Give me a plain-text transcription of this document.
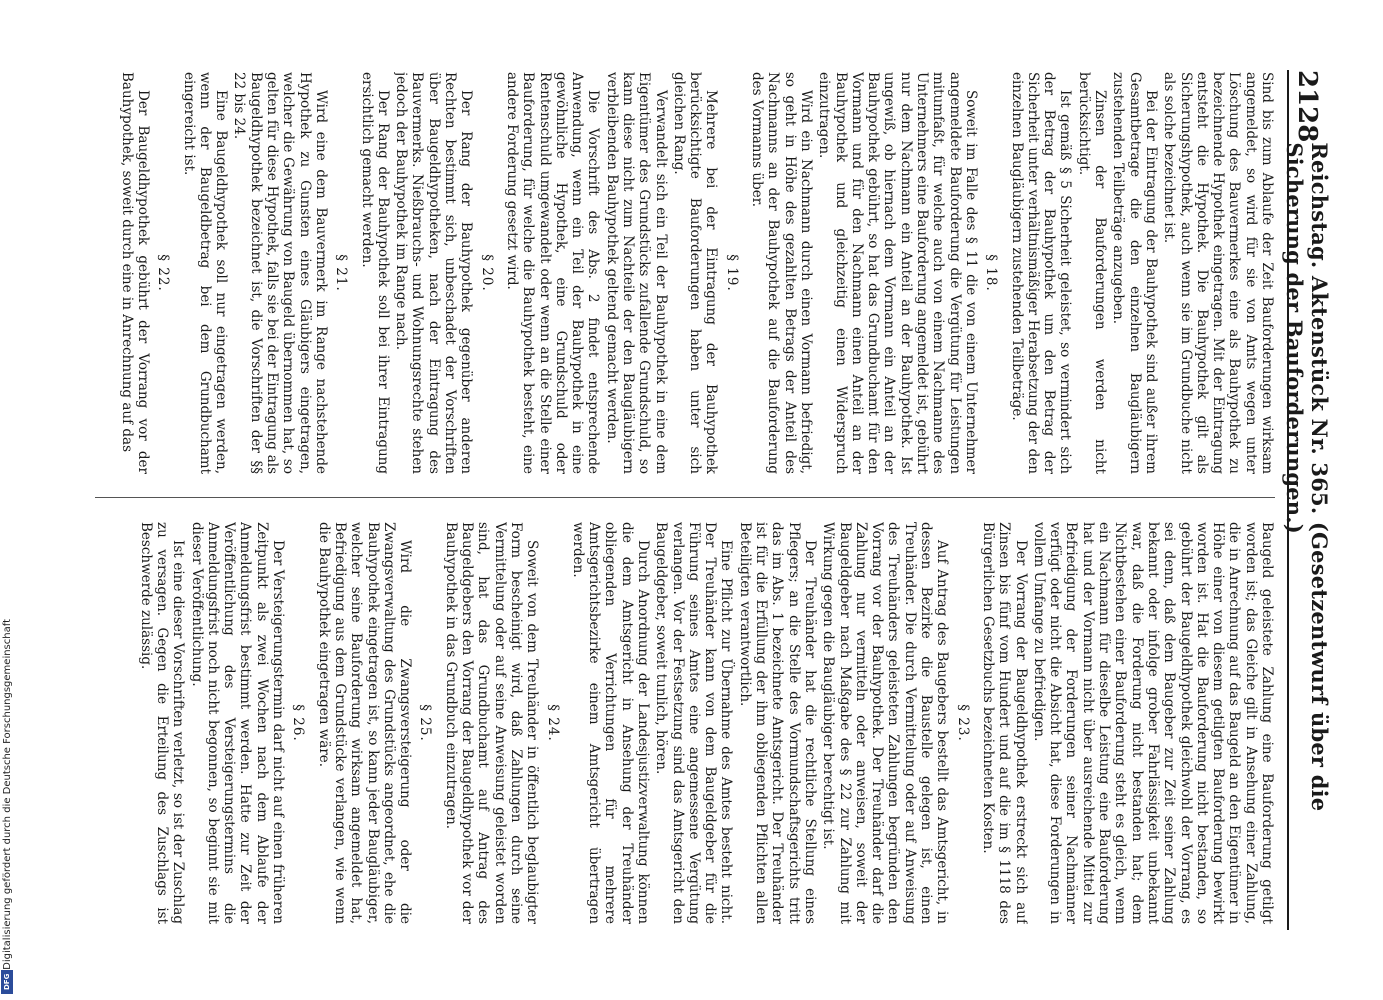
2128
Reichstag. Aktenstück Nr. 365. (Gesetzentwurf über die Sicherung der Bauforderungen.)

Sind bis zum Ablaufe der Zeit Bauforderungen wirksam angemeldet, so wird für sie von Amts wegen unter Löschung des Bauvermerkes eine als Bauhypothek zu bezeichnende Hypothek eingetragen. Mit der Eintragung entsteht die Hypothek. Die Bauhypothek gilt als Sicherungshypothek, auch wenn sie im Grundbuche nicht als solche bezeichnet ist.

Bei der Eintragung der Bauhypothek sind außer ihrem Gesamtbetrage die den einzelnen Baugläubigern zustehenden Teilbeträge anzugeben.

Zinsen der Bauforderungen werden nicht berücksichtigt.

Ist gemäß § 5 Sicherheit geleistet, so vermindert sich der Betrag der Bauhypothek um den Betrag der Sicherheit unter verhältnismäßiger Herabsetzung der den einzelnen Baugläubigern zustehenden Teilbeträge.

§ 18.

Soweit im Falle des § 11 die von einem Unternehmer angemeldete Bauforderung die Vergütung für Leistungen mitumfaßt, für welche auch von einem Nachmanne des Unternehmers eine Bauforderung angemeldet ist, gebührt nur dem Nachmann ein Anteil an der Bauhypothek. Ist ungewiß, ob hiernach dem Vormann ein Anteil an der Bauhypothek gebührt, so hat das Grundbuchamt für den Vormann und für den Nachmann einen Anteil an der Bauhypothek und gleichzeitig einen Widerspruch einzutragen.

Wird ein Nachmann durch einen Vormann befriedigt, so geht in Höhe des gezahlten Betrags der Anteil des Nachmanns an der Bauhypothek auf die Bauforderung des Vormanns über.

§ 19.

Mehrere bei der Eintragung der Bauhypothek berücksichtigte Bauforderungen haben unter sich gleichen Rang.

Verwandelt sich ein Teil der Bauhypothek in eine dem Eigentümer des Grundstücks zufallende Grundschuld, so kann diese nicht zum Nachteile der den Baugläubigern verbleibenden Bauhypothek geltend gemacht werden.

Die Vorschrift des Abs. 2 findet entsprechende Anwendung, wenn ein Teil der Bauhypothek in eine gewöhnliche Hypothek, eine Grundschuld oder Rentenschuld umgewandelt oder wenn an die Stelle einer Bauforderung, für welche die Bauhypothek besteht, eine andere Forderung gesetzt wird.

§ 20.

Der Rang der Bauhypothek gegenüber anderen Rechten bestimmt sich, unbeschadet der Vorschriften über Baugeldhypotheken, nach der Eintragung des Bauvermerks. Nießbrauchs- und Wohnungsrechte stehen jedoch der Bauhypothek im Range nach.

Der Rang der Bauhypothek soll bei ihrer Eintragung ersichtlich gemacht werden.

§ 21.

Wird eine dem Bauvermerk im Range nachstehende Hypothek zu Gunsten eines Gläubigers eingetragen, welcher die Gewährung von Baugeld übernommen hat, so gelten für diese Hypothek, falls sie bei der Eintragung als Baugeldhypothek bezeichnet ist, die Vorschriften der §§ 22 bis 24.

Eine Baugeldhypothek soll nur eingetragen werden, wenn der Baugeldbetrag bei dem Grundbuchamt eingereicht ist.

§ 22.

Der Baugeldhypothek gebührt der Vorrang vor der Bauhypothek, soweit durch eine in Anrechnung auf das

Baugeld geleistete Zahlung eine Bauforderung getilgt worden ist; das Gleiche gilt in Ansehung einer Zahlung, die in Anrechnung auf das Baugeld an den Eigentümer in Höhe einer von diesem getilgten Bauforderung bewirkt worden ist. Hat die Bauforderung nicht bestanden, so gebührt der Baugeldhypothek gleichwohl der Vorrang, es sei denn, daß dem Baugeber zur Zeit seiner Zahlung bekannt oder infolge grober Fahrlässigkeit unbekannt war, daß die Forderung nicht bestanden hat; dem Nichtbestehen einer Bauforderung steht es gleich, wenn ein Nachmann für dieselbe Leistung eine Bauforderung hat und der Vormann nicht über ausreichende Mittel zur Befriedigung der Forderungen seiner Nachmänner verfügt oder nicht die Absicht hat, diese Forderungen in vollem Umfange zu befriedigen.

Der Vorrang der Baugeldhypothek erstreckt sich auf Zinsen bis fünf vom Hundert und auf die im § 1118 des Bürgerlichen Gesetzbuchs bezeichneten Kosten.

§ 23.

Auf Antrag des Baugebers bestellt das Amtsgericht, in dessen Bezirke die Baustelle gelegen ist, einen Treuhänder. Die durch Vermittelung oder auf Anweisung des Treuhänders geleisteten Zahlungen begründen den Vorrang vor der Bauhypothek. Der Treuhänder darf die Zahlung nur vermitteln oder anweisen, soweit der Baugeldgeber nach Maßgabe des § 22 zur Zahlung mit Wirkung gegen die Baugläubiger berechtigt ist.

Der Treuhänder hat die rechtliche Stellung eines Pflegers; an die Stelle des Vormundschaftsgerichts tritt das im Abs. 1 bezeichnete Amtsgericht. Der Treuhänder ist für die Erfüllung der ihm obliegenden Pflichten allen Beteiligten verantwortlich.

Eine Pflicht zur Übernahme des Amtes besteht nicht. Der Treuhänder kann von dem Baugeldgeber für die Führung seines Amtes eine angemessene Vergütung verlangen. Vor der Festsetzung sind das Amtsgericht den Baugeldgeber, soweit tunlich, hören.

Durch Anordnung der Landesjustizverwaltung können die dem Amtsgericht in Ansehung der Treuhänder obliegenden Verrichtungen für mehrere Amtsgerichtsbezirke einem Amtsgericht übertragen werden.

§ 24.

Soweit von dem Treuhänder in öffentlich beglaubigter Form bescheinigt wird, daß Zahlungen durch seine Vermittelung oder auf seine Anweisung geleistet worden sind, hat das Grundbuchamt auf Antrag des Baugeldgebers den Vorrang der Baugeldhypothek vor der Bauhypothek in das Grundbuch einzutragen.

§ 25.

Wird die Zwangsversteigerung oder die Zwangsverwaltung des Grundstücks angeordnet, ehe die Bauhypothek eingetragen ist, so kann jeder Baugläubiger, welcher seine Bauforderung wirksam angemeldet hat, Befriedigung aus dem Grundstücke verlangen, wie wenn die Bauhypothek eingetragen wäre.

§ 26.

Der Versteigerungstermin darf nicht auf einen früheren Zeitpunkt als zwei Wochen nach dem Ablaufe der Anmeldungsfrist bestimmt werden. Hatte zur Zeit der Veröffentlichung des Versteigerungstermins die Anmeldungsfrist noch nicht begonnen, so beginnt sie mit dieser Veröffentlichung.

Ist eine dieser Vorschriften verletzt, so ist der Zuschlag zu versagen. Gegen die Erteilung des Zuschlags ist Beschwerde zulässig.

Digitalisierung gefördert durch die Deutsche Forschungsgemeinschaft
DFG
